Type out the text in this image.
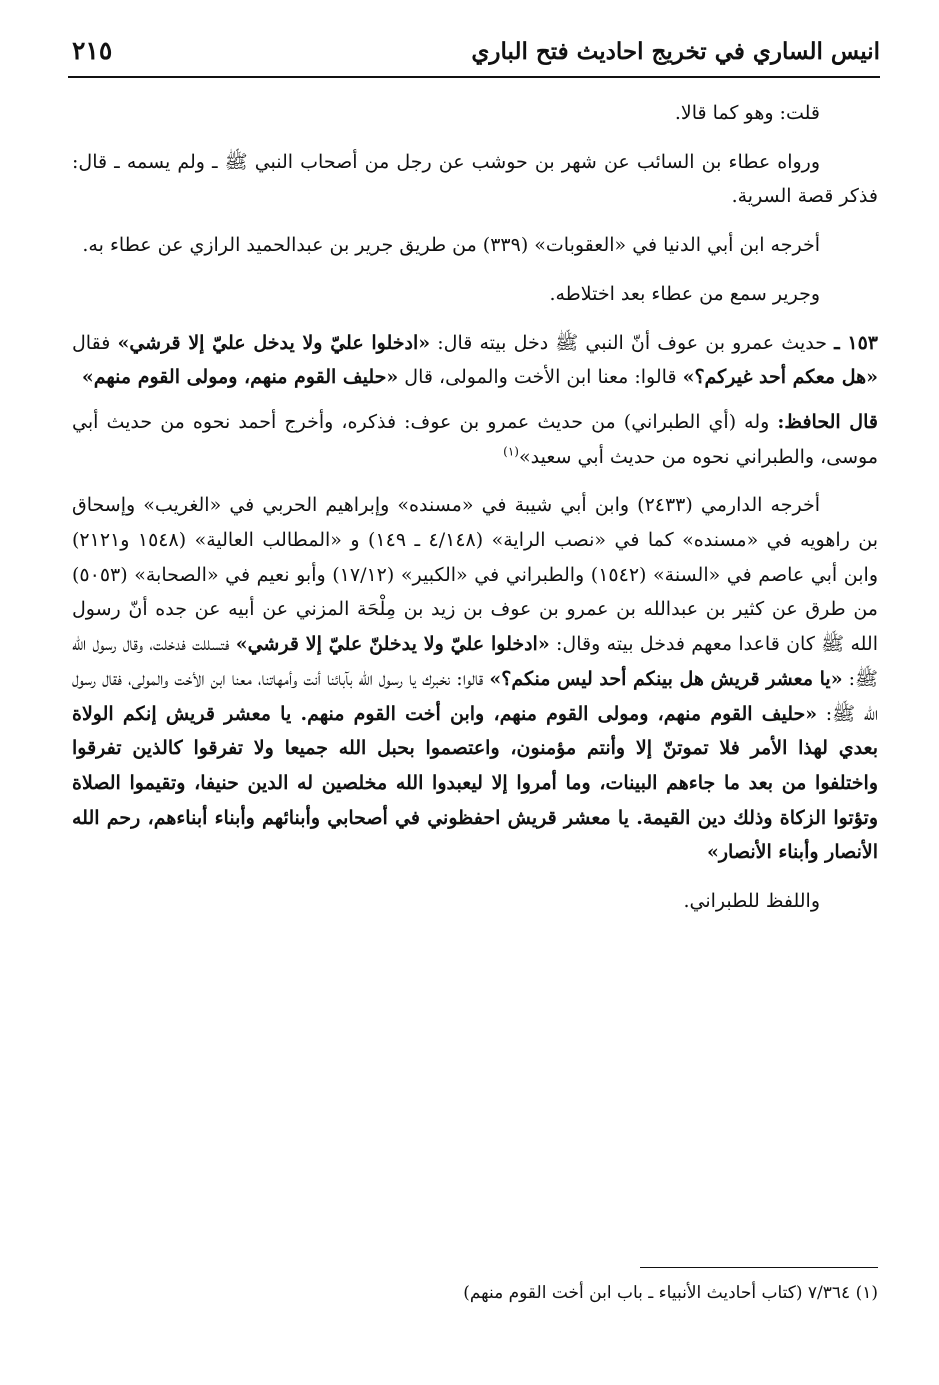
انيس الساري في تخريج احاديث فتح الباري
٢١٥

قلت: وهو كما قالا.

ورواه عطاء بن السائب عن شهر بن حوشب عن رجل من أصحاب النبي ﷺ ـ ولم يسمه ـ قال: فذكر قصة السرية.

أخرجه ابن أبي الدنيا في «العقوبات» (٣٣٩) من طريق جرير بن عبدالحميد الرازي عن عطاء به.

وجرير سمع من عطاء بعد اختلاطه.

١٥٣ ـ حديث عمرو بن عوف أنّ النبي ﷺ دخل بيته قال: «ادخلوا عليّ ولا يدخل عليّ إلا قرشي» فقال «هل معكم أحد غيركم؟» قالوا: معنا ابن الأخت والمولى، قال «حليف القوم منهم، ومولى القوم منهم»

قال الحافظ: وله (أي الطبراني) من حديث عمرو بن عوف: فذكره، وأخرج أحمد نحوه من حديث أبي موسى، والطبراني نحوه من حديث أبي سعيد»$^{(١)}$

أخرجه الدارمي (٢٤٣٣) وابن أبي شيبة في «مسنده» وإبراهيم الحربي في «الغريب» وإسحاق بن راهويه في «مسنده» كما في «نصب الراية» (٤/١٤٨ ـ ١٤٩) و «المطالب العالية» (١٥٤٨ و٢١٢١) وابن أبي عاصم في «السنة» (١٥٤٢) والطبراني في «الكبير» (١٧/١٢) وأبو نعيم في «الصحابة» (٥٠٥٣) من طرق عن كثير بن عبدالله بن عمرو بن عوف بن زيد بن مِلْحَة المزني عن أبيه عن جده أنّ رسول الله ﷺ كان قاعدا معهم فدخل بيته وقال: «ادخلوا عليّ ولا يدخلنّ عليّ إلا قرشي» فتسللت فدخلت، وقال رسول الله ﷺ: «يا معشر قريش هل بينكم أحد ليس منكم؟» قالوا: نخبرك يا رسول الله بآبائنا أنت وأمهاتنا، معنا ابن الأخت والمولى، فقال رسول الله ﷺ: «حليف القوم منهم، ومولى القوم منهم، وابن أخت القوم منهم. يا معشر قريش إنكم الولاة بعدي لهذا الأمر فلا تموتنّ إلا وأنتم مؤمنون، واعتصموا بحبل الله جميعا ولا تفرقوا كالذين تفرقوا واختلفوا من بعد ما جاءهم البينات، وما أمروا إلا ليعبدوا الله مخلصين له الدين حنيفا، وتقيموا الصلاة وتؤتوا الزكاة وذلك دين القيمة. يا معشر قريش احفظوني في أصحابي وأبنائهم وأبناء أبناءهم، رحم الله الأنصار وأبناء الأنصار»

واللفظ للطبراني.

(١) ٧/٣٦٤ (كتاب أحاديث الأنبياء ـ باب ابن أخت القوم منهم)
